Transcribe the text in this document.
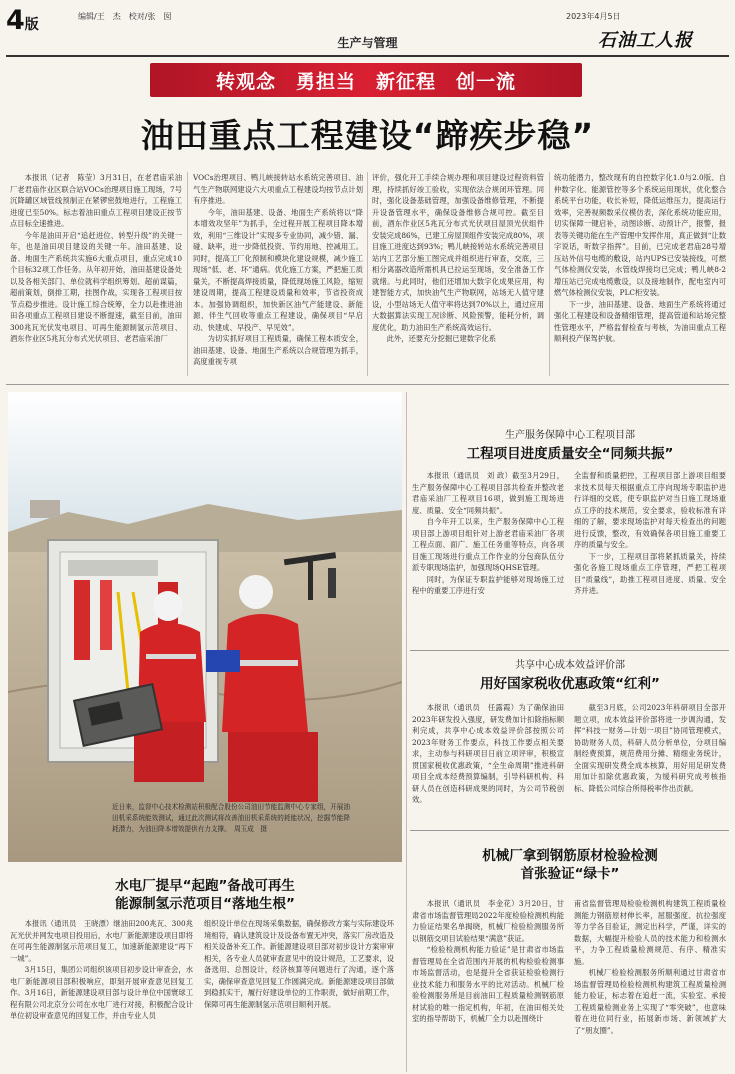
4版
编辑/王　杰　校对/张　囡
生产与管理
2023年4月5日
石油工人报
转观念　勇担当　新征程　创一流
油田重点工程建设“蹄疾步稳”

本报讯（记者　陈莹）3月31日，在老君庙采油厂老君庙作业区联合站VOCs治理项目施工现场，7号沉降罐区域管线预制正在紧锣密鼓地进行，工程施工进度已至50%。标志着油田重点工程项目建设正按节点目标全速推进。

今年是油田开启“追赶进位、转型升级”的关键一年，也是油田项目建设的关键一年。油田基建、设备、地面生产系统共实施6大重点项目，重点完成10个目标32项工作任务。从年初开始，油田基建设备处以及各相关部门、单位就科学组织筹划、超前谋篇，超前策划，倒排工期，挂图作战，实现各工程项目按节点稳步推进。设计施工综合统筹，全力以赴推进油田各项重点工程项目建设不断提速，截至目前，油田300兆瓦光伏发电项目、可再生能源制氢示范项目、酒东作业区5兆瓦分布式光伏项目、老君庙采油厂

VOCs治理项目、鸭儿峡接转站水系统完善项目、油气生产物联网建设六大项重点工程建设均按节点计划有序推进。

今年，油田基建、设备、地面生产系统将以“降本增效攻坚年”为抓手，全过程开展工程项目降本增效，利用“三维设计”实现多专业协同，减少错、漏、碰、缺率，进一步降低投资、节约用地、控减用工。同时，提高工厂化预制和模块化建设规模，减少施工现场“低、老、坏”通病。优化施工方案，严把施工质量关，不断提高焊接质量，降低现场施工风险，缩短建设周期，提高工程建设质量和效率，节省投资成本。加强协调组织，加快新区油气产能建设、新能源、伴生气回收等重点工程建设，确保项目“早启动、快建成、早投产、早见效”。

为切实抓好项目工程质量，确保工程本质安全，油田基建、设备、地面生产系统以合规管理为抓手，高度重视专项

评价，强化开工手续合规办理和项目建设过程资料管理，持续抓好竣工验收，实现依法合规闭环管理。同时，强化设备基础管理，加强设备维修管理，不断提升设备管理水平，确保设备维修合规可控。截至目前，酒东作业区5兆瓦分布式光伏项目屋顶光伏组件安装完成86%，已建工房屋顶组件安装完成80%，项目施工进度达到93%；鸭儿峡接转站水系统完善项目站内工艺部分施工图完成并组织进行审查，交底，三相分离器改造所需机具已拉运至现场，安全准备工作就绪。与此同时，他们还增加大数字化成果应用，构建智能方式，加快油气生产物联网，站场无人值守建设，小型站场无人值守率将达到70%以上，通过应用大数据算法实现工况诊断、风险预警，能耗分析，调度优化，助力油田生产系统高效运行。

此外，还要充分挖掘已建数字化系

统功能潜力，整改现有的自控数字化1.0与2.0版、自仲数字化、能源管控等多个系统运用现状，优化整合系统平台功能，收长补短，降低运维压力，提高运行效率，完善视频数采仪模仿表，深化系统功能应用，切实保障一键启补，动图诊断、动预计产，报警，报表等关键功能在生产管理中发挥作用，真正做到“让数字说话，听数字指挥”。目前，已完成老君庙28号增压站外信号电缆的敷设，站内UPS已安装接线，可燃气体检测仪安装，水管线焊接均已完成；鸭儿峡8-2增压站已完成电缆敷设，以及接地制作，配电室内可燃气体检测仪安装，PLC柜安装。

下一步，油田基建、设备、地面生产系统将通过强化工程建设和设备精细管理，提高管道和站场完整性管理水平，严格监督检查与考核，为油田重点工程顺利投产保驾护航。

近日来，监督中心技术检测站积极配合股份公司油田节能监测中心专家组，开展油田机采系统能效测试，通过此次测试将改善油田机采系统的耗能状况，挖掘节能降耗潜力，为油田降本增效提供有力支撑。　 周玉成　摄
生产服务保障中心工程项目部
工程项目进度质量安全“同频共振”

本报讯（通讯员　刘 政）截至3月29日，生产服务保障中心工程项目部共检查并整改老君庙采油厂工程项目16项，做到施工现场进度、质量、安全“同频共振”。

自今年开工以来，生产服务保障中心工程项目部上游项目组针对上游老君庙采油厂各项工程点面、面广、施工任务重等特点，向各项目施工现场进行重点工作作业的分包商队伍分派专职现场监护，加强现场QHSE管理。

同时，为保证专职监护能够对现场施工过程中的重要工序进行安

全监督和质量把控，工程项目部上游项目组要求技术员每天根据重点工序向现场专职监护进行详细的交底，使专职监护对当日施工现场重点工序的技术规范，安全要求，验收标准有详细的了解，要求现场监护对每天检查出的问题进行反馈，整改，有效确保各项目施工重要工序的质量与安全。

下一步，工程项目部将紧抓质量关，持续强化各施工现场重点工序管理，严把工程项目“质量线”，助推工程项目进度、质量、安全齐并进。

共享中心成本效益评价部
用好国家税收优惠政策“红利”

本报讯（通讯员　任露霞）为了确保油田2023年研发投入强度，研发费加计扣除指标顺利完成，共享中心成本效益评价部按照公司2023年财务工作要点，科技工作要点相关要求，主动参与科研项目日前立项评审，积极宣贯国家税收优惠政策，“全生命周期”推进科研项目全成本经费预算编制，引导科研机构、科研人员在创造科研成果的同时，为公司节税创效。

截至3月底，公司2023年科研项目全部开题立项，成本效益评价部将进一步调沟通，发挥“科技一财务—计划一项目”协同管理模式，协助财务人员，科研人员分析单位，分项目编制经费预算，规范费用分摊、精细业务统计，全面实现研发费全成本核算，用好用足研发费用加计扣除优惠政策，为缓科研究成考核指标、降低公司综合所得税率作出贡献。

水电厂提早“起跑”备战可再生
能源制氢示范项目“落地生根”

本报讯（通讯员　王晓漂）继油田200兆瓦、300兆瓦光伏并网发电项目投用后，水电厂新能源建设项目即将在可再生能源制氢示范项目复工，加速新能源建设“再下一城”。

3月15日，集团公司组织该项目初步设计审查会，水电厂新能源项目部积极响应，即刻开展审查意见回复工作。3月16日，新能源建设项目部与设计单位中国寰球工程有限公司北京分公司在水电厂进行对接，积极配合设计单位初设审查意见的回复工作，并由专业人员

组织设计单位在现场采集数据，确保修改方案与实际建设环境相符，确认建筑设计及设备布置无冲突，落实厂房改造及相关设备补充工作。新能源建设项目部对初步设计方案审审相关，各专业人员就审查意见中的设计规范，工艺要求，设备选用、总图设计，经济核算等问题进行了沟通，逐个落实，确保审查意见回复工作圆满完成。新能源建设项目部做到稳抓实干，履行好建设单位的工作职责，做好前期工作，保障可再生能源制氢示范项目顺利开展。

机械厂拿到钢筋原材检验检测
首张验证“绿卡”

本报讯（通讯员　李金花）3月20日，甘肃省市场监督管理局2022年度检验检测机构能力验证结果名单揭晓，机械厂检验检测服务所以钢筋交项目试验结果“满意”获证。

“检验检测机构能力验证”是甘肃省市场监督管理局在全省范围内开展的机构检验检测事市场监督活动，也是提升全省获证检验检测行业技术能力和服务水平的比对活动。机械厂检验检测服务所是目前油田工程质量检测钢筋原材试验的唯一指定机构，年初，在油田相关处室的指导帮助下，机械厂全力以赴围绕计

甫省监督管理局检验检测机构建筑工程质量检测能力钢筋原材伸长率，屈服强度、抗拉强度等力学各目验证，测定出科学，严谨，详实的数据，大幅提升检验人员的技术能力和检测水平，力争工程质量检测规范、有序、精准实施。

机械厂检验检测服务所顺利通过甘肃省市场监督管理局检验检测机构建筑工程质量检测能力验证，标志着在追赶一流，实验室、承接工程质量检测业务上实现了“零突破”，也意味着在进位同行业，拓展新市场、新领域扩大了“朋友圈”。
